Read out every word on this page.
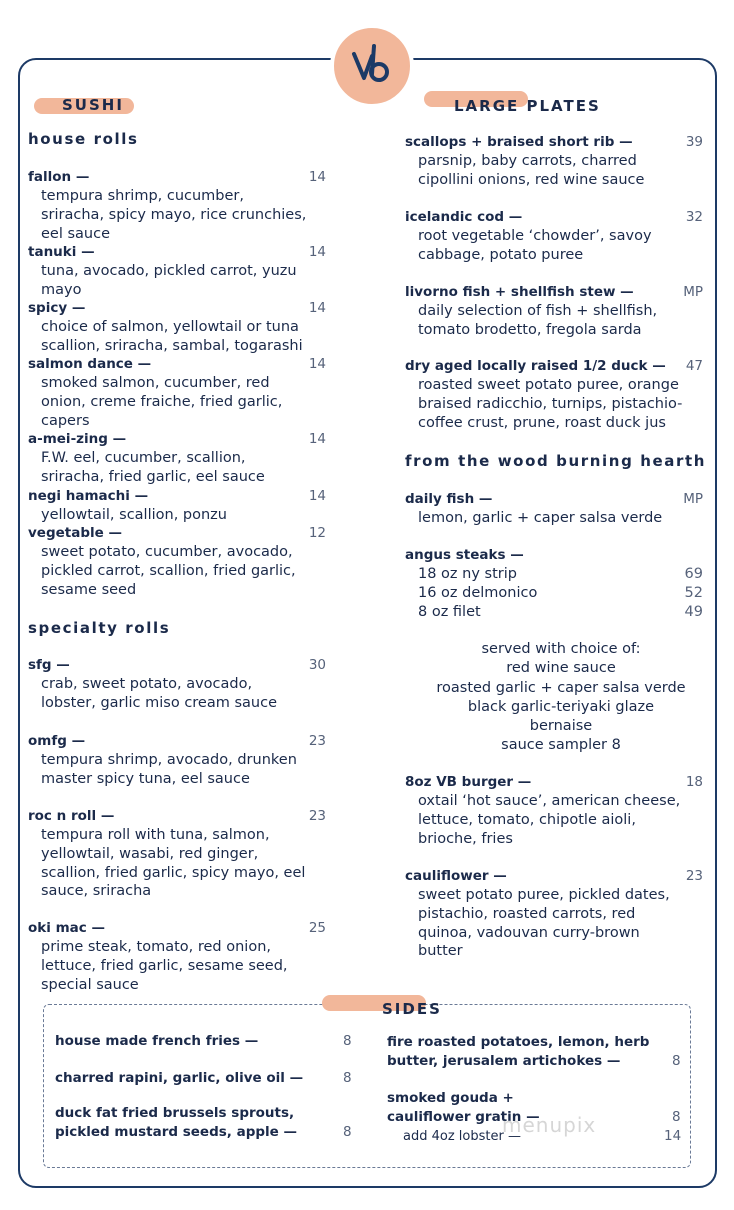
SUSHI
house rolls
fallon —	14
tempura shrimp, cucumber,
sriracha, spicy mayo, rice crunchies,
eel sauce
tanuki —	14
tuna, avocado, pickled carrot, yuzu
mayo
spicy —	14
choice of salmon, yellowtail or tuna
scallion, sriracha, sambal, togarashi
salmon dance —	14
smoked salmon, cucumber, red
onion, creme fraiche, fried garlic,
capers
a-mei-zing —	14
F.W. eel, cucumber, scallion,
sriracha, fried garlic, eel sauce
negi hamachi —	14
yellowtail, scallion, ponzu
vegetable —	12
sweet potato, cucumber, avocado,
pickled carrot, scallion, fried garlic,
sesame seed
specialty rolls
sfg —	30
crab, sweet potato, avocado,
lobster, garlic miso cream sauce
omfg —	23
tempura shrimp, avocado, drunken
master spicy tuna, eel sauce
roc n roll —	23
tempura roll with tuna, salmon,
yellowtail, wasabi, red ginger,
scallion, fried garlic, spicy mayo, eel
sauce, sriracha
oki mac —	25
prime steak, tomato, red onion,
lettuce, fried garlic, sesame seed,
special sauce
LARGE PLATES
scallops + braised short rib —	39
parsnip, baby carrots, charred
cipollini onions, red wine sauce
icelandic cod —	32
root vegetable ‘chowder’, savoy
cabbage, potato puree
livorno fish + shellfish stew —	MP
daily selection of fish + shellfish,
tomato brodetto, fregola sarda
dry aged locally raised 1/2 duck —	47
roasted sweet potato puree, orange
braised radicchio, turnips, pistachio-
coffee crust, prune, roast duck jus
from the wood burning hearth
daily fish —	MP
lemon, garlic + caper salsa verde
angus steaks —
18 oz ny strip	69
16 oz delmonico	52
8 oz filet	49
served with choice of:
red wine sauce
roasted garlic + caper salsa verde
black garlic-teriyaki glaze
bernaise
sauce sampler 8
8oz VB burger —	18
oxtail ‘hot sauce’, american cheese,
lettuce, tomato, chipotle aioli,
brioche, fries
cauliflower —	23
sweet potato puree, pickled dates,
pistachio, roasted carrots, red
quinoa, vadouvan curry-brown
butter
SIDES
house made french fries —	8
charred rapini, garlic, olive oil —	8
duck fat fried brussels sprouts,
pickled mustard seeds, apple —	8
fire roasted potatoes, lemon, herb
butter, jerusalem artichokes —	8
smoked gouda +
cauliflower gratin —	8
add 4oz lobster —	14
menupix
